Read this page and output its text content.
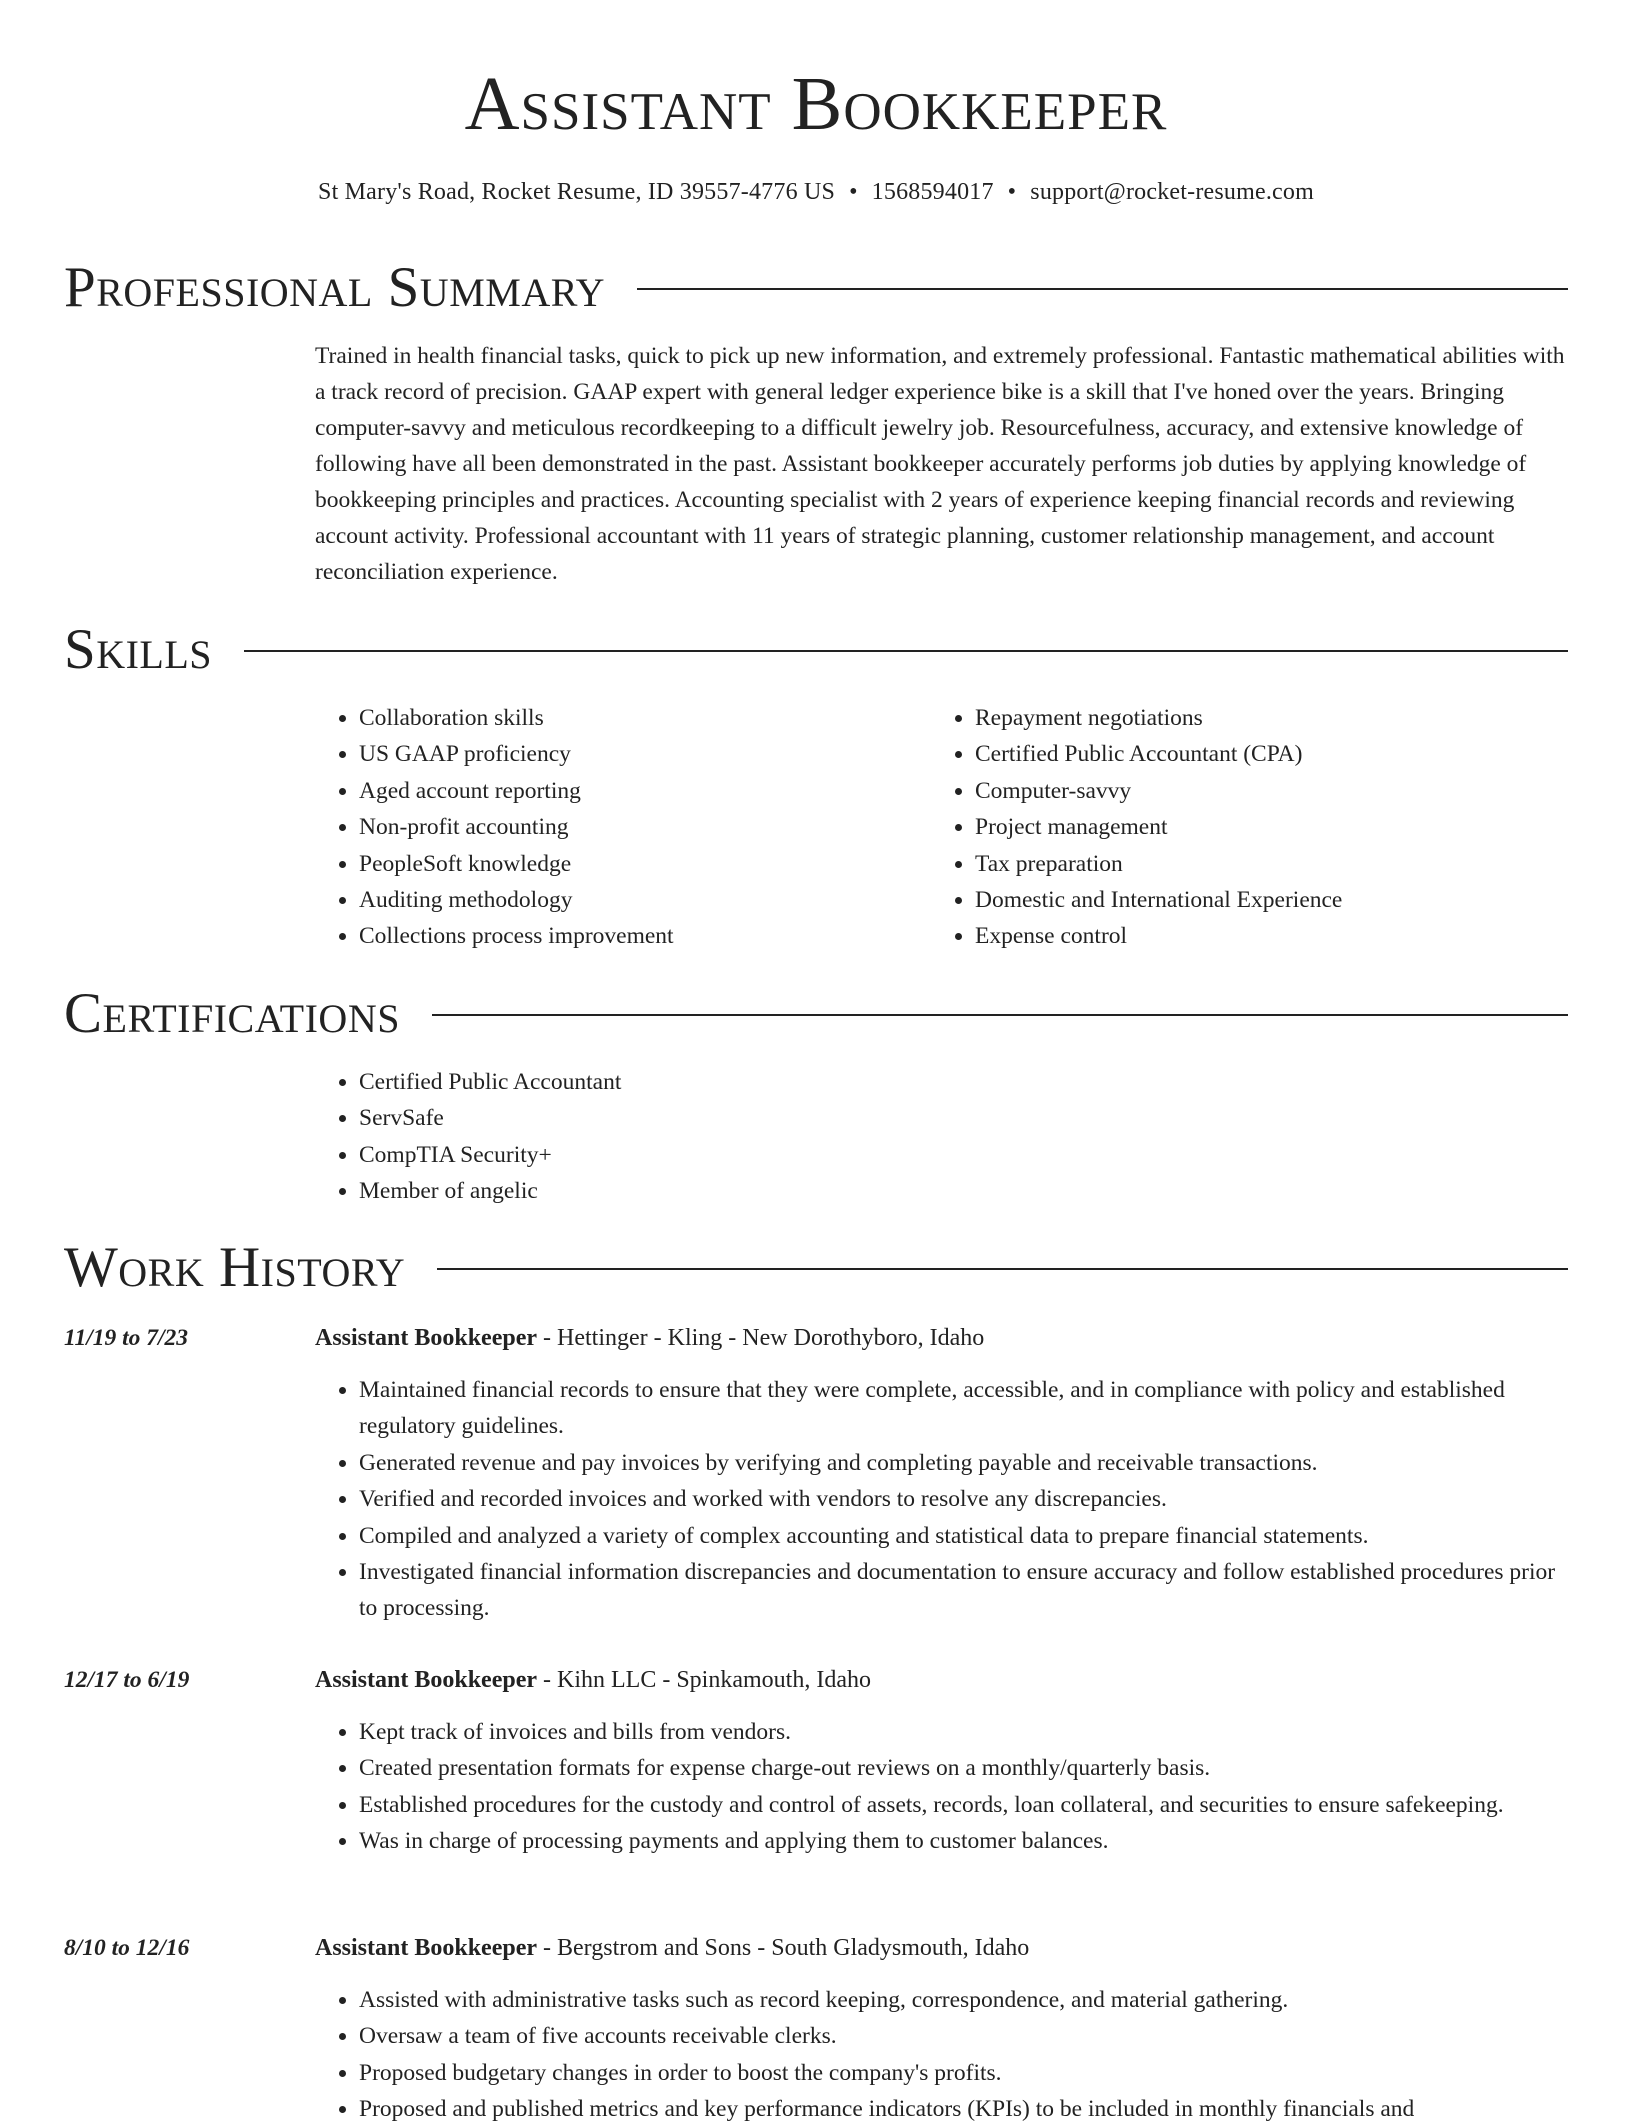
Assistant Bookkeeper
St Mary's Road, Rocket Resume, ID 39557-4776 US • 1568594017 • support@rocket-resume.com
Professional Summary

Trained in health financial tasks, quick to pick up new information, and extremely professional. Fantastic mathematical abilities with a track record of precision. GAAP expert with general ledger experience bike is a skill that I've honed over the years. Bringing computer-savvy and meticulous recordkeeping to a difficult jewelry job. Resourcefulness, accuracy, and extensive knowledge of following have all been demonstrated in the past. Assistant bookkeeper accurately performs job duties by applying knowledge of bookkeeping principles and practices. Accounting specialist with 2 years of experience keeping financial records and reviewing account activity. Professional accountant with 11 years of strategic planning, customer relationship management, and account reconciliation experience.

Skills
• Collaboration skills
• US GAAP proficiency
• Aged account reporting
• Non-profit accounting
• PeopleSoft knowledge
• Auditing methodology
• Collections process improvement
• Repayment negotiations
• Certified Public Accountant (CPA)
• Computer-savvy
• Project management
• Tax preparation
• Domestic and International Experience
• Expense control
Certifications
• Certified Public Accountant
• ServSafe
• CompTIA Security+
• Member of angelic
Work History
11/19 to 7/23	Assistant Bookkeeper - Hettinger - Kling - New Dorothyboro, Idaho
• Maintained financial records to ensure that they were complete, accessible, and in compliance with policy and established regulatory guidelines.
• Generated revenue and pay invoices by verifying and completing payable and receivable transactions.
• Verified and recorded invoices and worked with vendors to resolve any discrepancies.
• Compiled and analyzed a variety of complex accounting and statistical data to prepare financial statements.
• Investigated financial information discrepancies and documentation to ensure accuracy and follow established procedures prior to processing.
12/17 to 6/19	Assistant Bookkeeper - Kihn LLC - Spinkamouth, Idaho
• Kept track of invoices and bills from vendors.
• Created presentation formats for expense charge-out reviews on a monthly/quarterly basis.
• Established procedures for the custody and control of assets, records, loan collateral, and securities to ensure safekeeping.
• Was in charge of processing payments and applying them to customer balances.
8/10 to 12/16	Assistant Bookkeeper - Bergstrom and Sons - South Gladysmouth, Idaho
• Assisted with administrative tasks such as record keeping, correspondence, and material gathering.
• Oversaw a team of five accounts receivable clerks.
• Proposed budgetary changes in order to boost the company's profits.
• Proposed and published metrics and key performance indicators (KPIs) to be included in monthly financials and
